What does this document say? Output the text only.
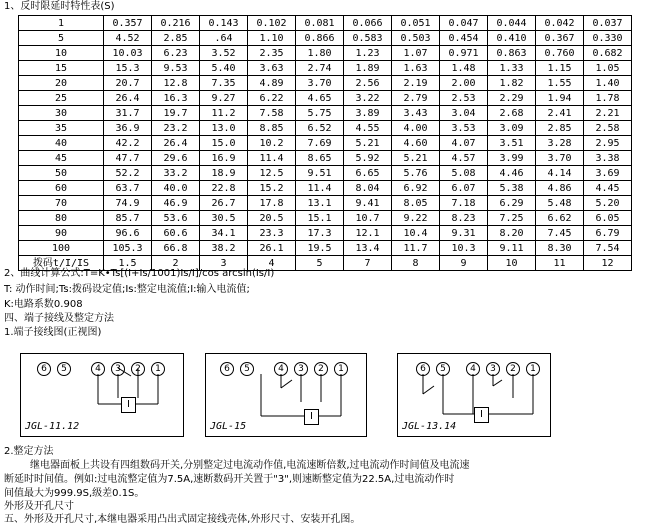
1、反时限延时特性表(S)
1	0.357	0.216	0.143	0.102	0.081	0.066	0.051	0.047	0.044	0.042	0.037
5	4.52	2.85	.64	1.10	0.866	0.583	0.503	0.454	0.410	0.367	0.330
10	10.03	6.23	3.52	2.35	1.80	1.23	1.07	0.971	0.863	0.760	0.682
15	15.3	9.53	5.40	3.63	2.74	1.89	1.63	1.48	1.33	1.15	1.05
20	20.7	12.8	7.35	4.89	3.70	2.56	2.19	2.00	1.82	1.55	1.40
25	26.4	16.3	9.27	6.22	4.65	3.22	2.79	2.53	2.29	1.94	1.78
30	31.7	19.7	11.2	7.58	5.75	3.89	3.43	3.04	2.68	2.41	2.21
35	36.9	23.2	13.0	8.85	6.52	4.55	4.00	3.53	3.09	2.85	2.58
40	42.2	26.4	15.0	10.2	7.69	5.21	4.60	4.07	3.51	3.28	2.95
45	47.7	29.6	16.9	11.4	8.65	5.92	5.21	4.57	3.99	3.70	3.38
50	52.2	33.2	18.9	12.5	9.51	6.65	5.76	5.08	4.46	4.14	3.69
60	63.7	40.0	22.8	15.2	11.4	8.04	6.92	6.07	5.38	4.86	4.45
70	74.9	46.9	26.7	17.8	13.1	9.41	8.05	7.18	6.29	5.48	5.20
80	85.7	53.6	30.5	20.5	15.1	10.7	9.22	8.23	7.25	6.62	6.05
90	96.6	60.6	34.1	23.3	17.3	12.1	10.4	9.31	8.20	7.45	6.79
100	105.3	66.8	38.2	26.1	19.5	13.4	11.7	10.3	9.11	8.30	7.54
拨码t/I/IS	1.5	2	3	4	5	7	8	9	10	11	12
2、曲线计算公式:T=K•Ts[(I+Is/1001)Is/I]/cos arcsin(Is/I)
T: 动作时间;Ts:拨码设定值;Is:整定电流值;I:输入电流值;
K:电路系数0.908
四、端子接线及整定方法
1.端子接线图(正视图)
6	5	4	3	2	1
I
JGL-11.12
6	5	4	3	2	1
I
JGL-15
6	5	4	3	2	1
I
JGL-13.14
2.整定方法
继电器面板上共设有四组数码开关,分别整定过电流动作值,电流速断倍数,过电流动作时间值及电流速
断延时时间值。例如:过电流整定值为7.5A,速断数码开关置于"3",则速断整定值为22.5A,过电流动作时
间值最大为999.9S,级差0.1S。
外形及开孔尺寸
五、外形及开孔尺寸,本继电器采用凸出式固定接线壳体,外形尺寸、安装开孔图。
